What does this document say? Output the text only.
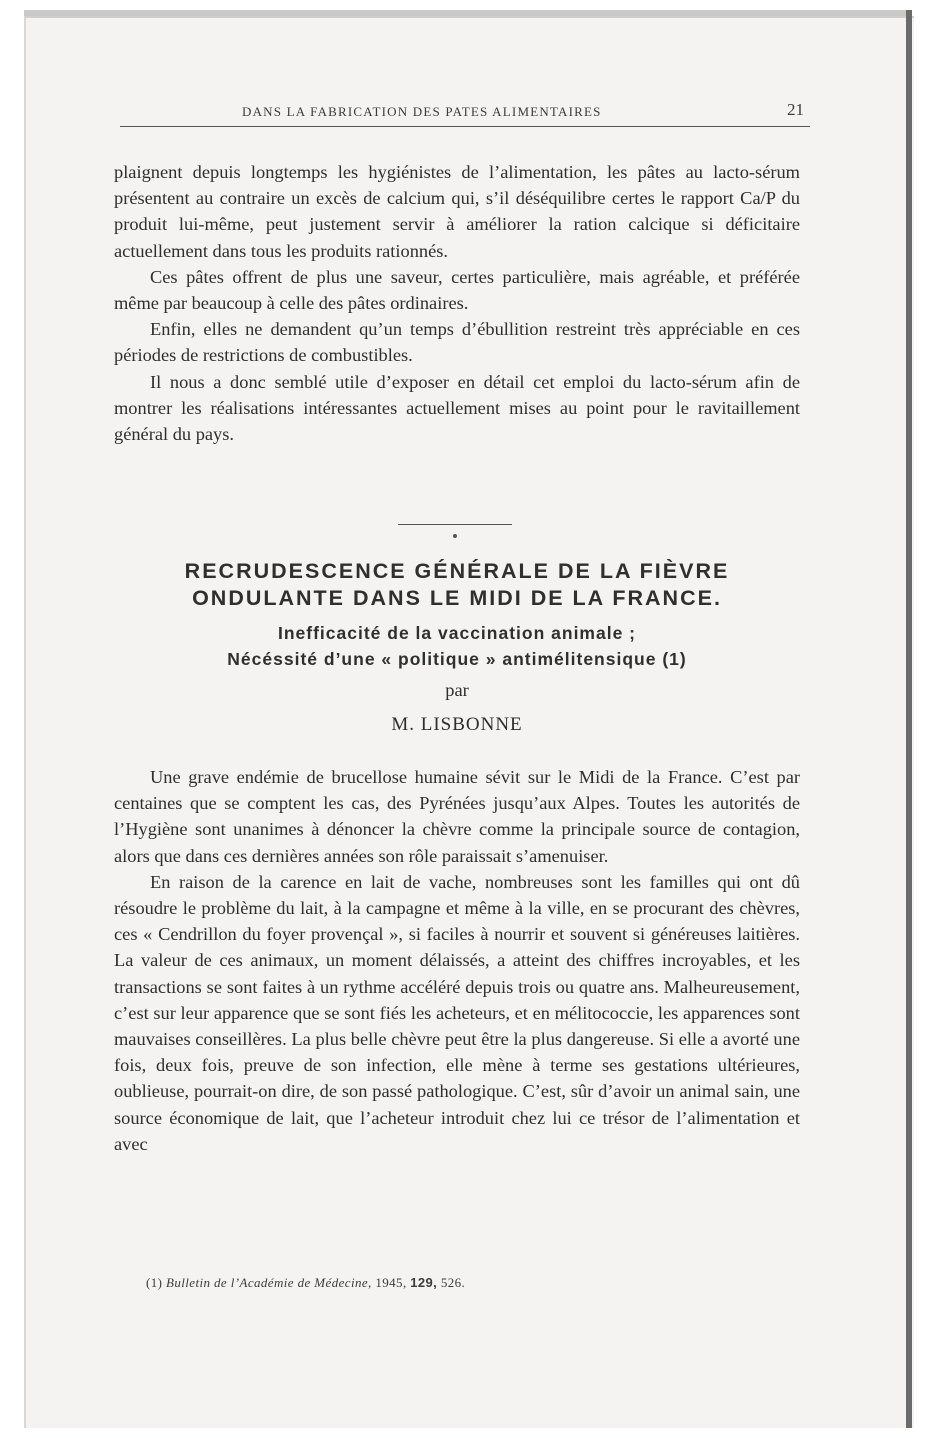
DANS LA FABRICATION DES PATES ALIMENTAIRES	21

plaignent depuis longtemps les hygiénistes de l’alimentation, les pâtes au lacto-sérum présentent au contraire un excès de calcium qui, s’il déséquilibre certes le rapport Ca/P du produit lui-même, peut justement servir à améliorer la ration calcique si déficitaire actuellement dans tous les produits rationnés.

Ces pâtes offrent de plus une saveur, certes particulière, mais agréable, et préférée même par beaucoup à celle des pâtes ordinaires.

Enfin, elles ne demandent qu’un temps d’ébullition restreint très appréciable en ces périodes de restrictions de combustibles.

Il nous a donc semblé utile d’exposer en détail cet emploi du lacto-sérum afin de montrer les réalisations intéressantes actuellement mises au point pour le ravitaillement général du pays.

RECRUDESCENCE GÉNÉRALE DE LA FIÈVRE
ONDULANTE DANS LE MIDI DE LA FRANCE.
Inefficacité de la vaccination animale ;
Nécéssité d’une « politique » antimélitensique (1)
par
M. LISBONNE

Une grave endémie de brucellose humaine sévit sur le Midi de la France. C’est par centaines que se comptent les cas, des Pyrénées jusqu’aux Alpes. Toutes les autorités de l’Hygiène sont unanimes à dénoncer la chèvre comme la principale source de contagion, alors que dans ces dernières années son rôle paraissait s’amenuiser.

En raison de la carence en lait de vache, nombreuses sont les familles qui ont dû résoudre le problème du lait, à la campagne et même à la ville, en se procurant des chèvres, ces « Cendrillon du foyer provençal », si faciles à nourrir et souvent si généreuses laitières. La valeur de ces animaux, un moment délaissés, a atteint des chiffres incroyables, et les transactions se sont faites à un rythme accéléré depuis trois ou quatre ans. Malheureusement, c’est sur leur apparence que se sont fiés les acheteurs, et en mélitococcie, les apparences sont mauvaises conseillères. La plus belle chèvre peut être la plus dangereuse. Si elle a avorté une fois, deux fois, preuve de son infection, elle mène à terme ses gestations ultérieures, oublieuse, pourrait-on dire, de son passé pathologique. C’est, sûr d’avoir un animal sain, une source économique de lait, que l’acheteur introduit chez lui ce trésor de l’alimentation et avec

(1) Bulletin de l’Académie de Médecine, 1945, 129, 526.
